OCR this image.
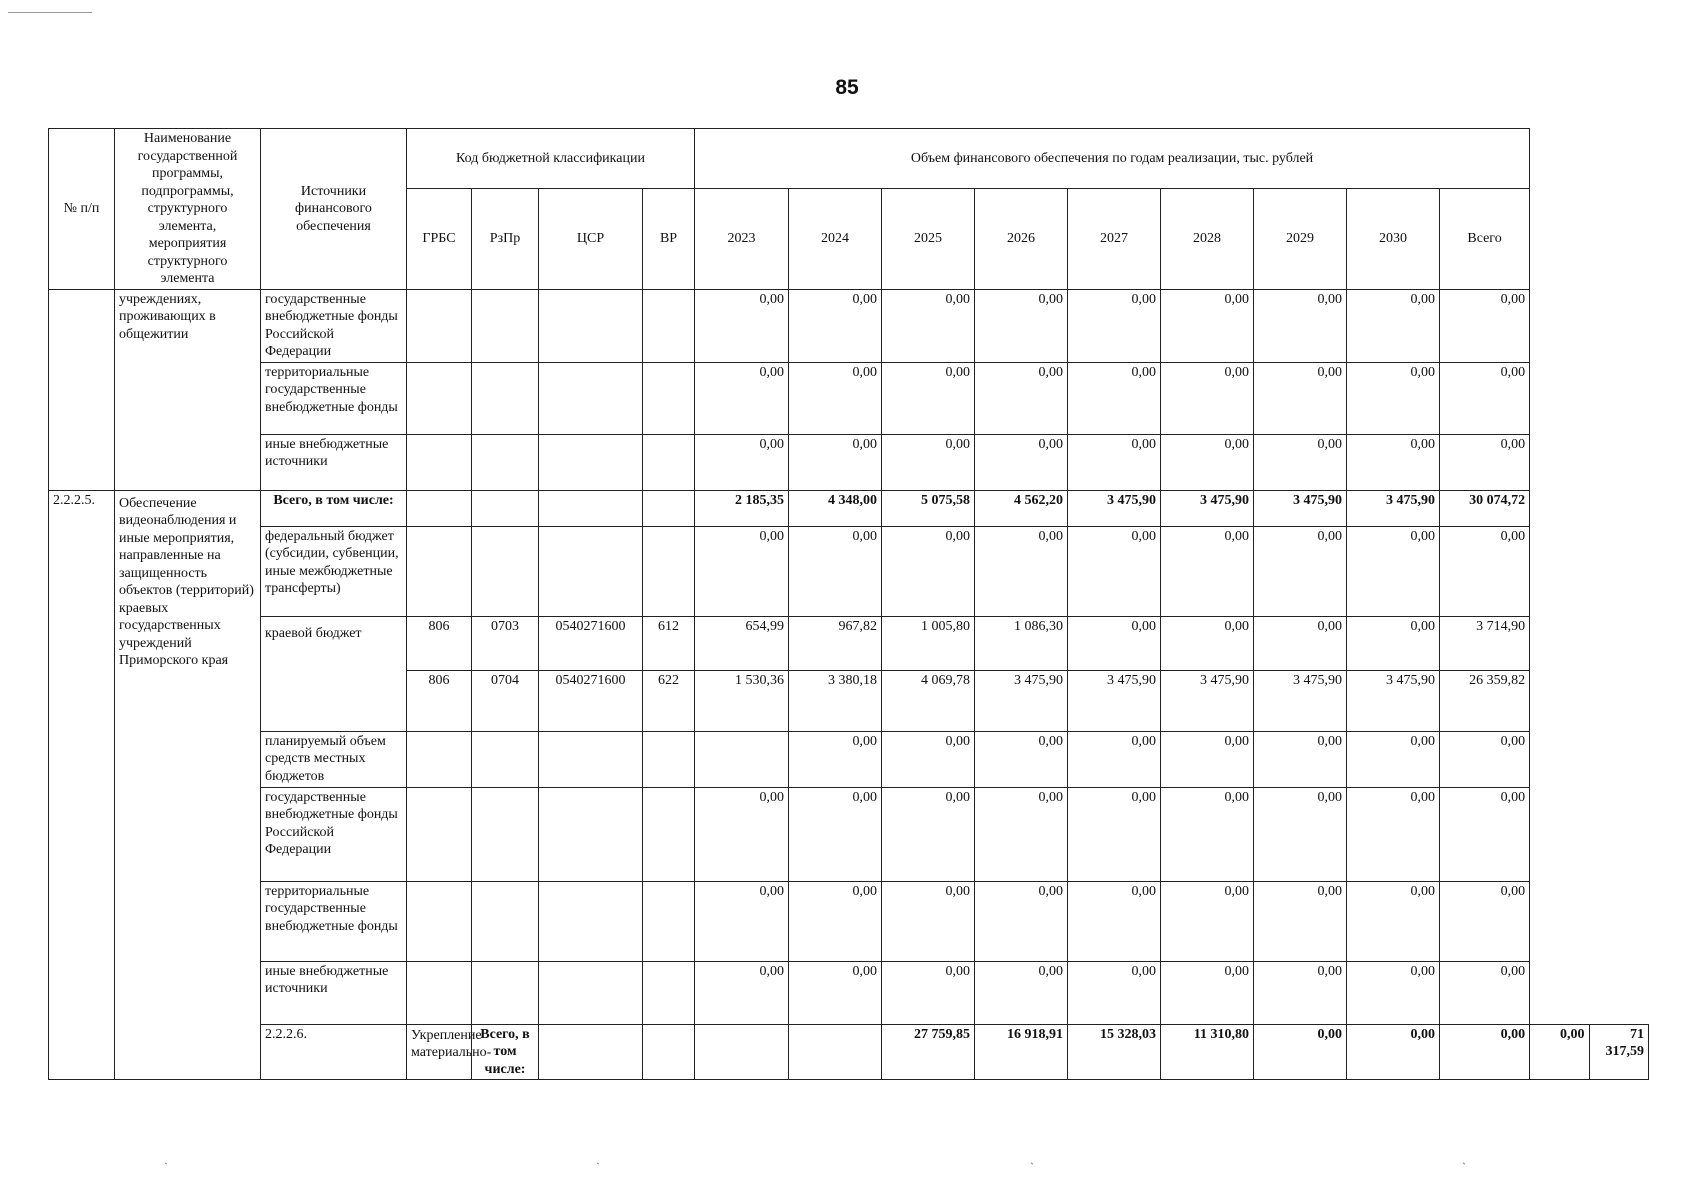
85
№ п/п	Наименование государственной программы, подпрограммы, структурного элемента, мероприятия структурного элемента	Источники финансового обеспечения	Код бюджетной классификации				Объем финансового обеспечения по годам реализации, тыс. рублей										
			ГРБС	РзПр	ЦСР	ВР	2023	2024	2025	2026	2027	2028	2029	2030	Всего		
	учреждениях, проживающих в общежитии	государственные внебюджетные фонды Российской Федерации					0,00	0,00	0,00	0,00	0,00	0,00	0,00	0,00	0,00		
		территориальные государственные внебюджетные фонды					0,00	0,00	0,00	0,00	0,00	0,00	0,00	0,00	0,00		
		иные внебюджетные источники					0,00	0,00	0,00	0,00	0,00	0,00	0,00	0,00	0,00		
2.2.2.5.	Обеспечение видеонаблюдения и иные мероприятия, направленные на защищенность объектов (территорий) краевых государственных учреждений Приморского края	Всего, в том числе:					2 185,35	4 348,00	5 075,58	4 562,20	3 475,90	3 475,90	3 475,90	3 475,90	30 074,72		
		федеральный бюджет (субсидии, субвенции, иные межбюджетные трансферты)					0,00	0,00	0,00	0,00	0,00	0,00	0,00	0,00	0,00		
		краевой бюджет	806	0703	0540271600	612	654,99	967,82	1 005,80	1 086,30	0,00	0,00	0,00	0,00	3 714,90		
			806	0704	0540271600	622	1 530,36	3 380,18	4 069,78	3 475,90	3 475,90	3 475,90	3 475,90	3 475,90	26 359,82		
		планируемый объем средств местных бюджетов						0,00	0,00	0,00	0,00	0,00	0,00	0,00	0,00		
		государственные внебюджетные фонды Российской Федерации					0,00	0,00	0,00	0,00	0,00	0,00	0,00	0,00	0,00		
		территориальные государственные внебюджетные фонды					0,00	0,00	0,00	0,00	0,00	0,00	0,00	0,00	0,00		
		иные внебюджетные источники					0,00	0,00	0,00	0,00	0,00	0,00	0,00	0,00	0,00		
		2.2.2.6.	Укрепление материально-	Всего, в том числе:					27 759,85	16 918,91	15 328,03	11 310,80	0,00	0,00	0,00	0,00	71 317,59
ˋ	ˋ	ˋ	ˋ
